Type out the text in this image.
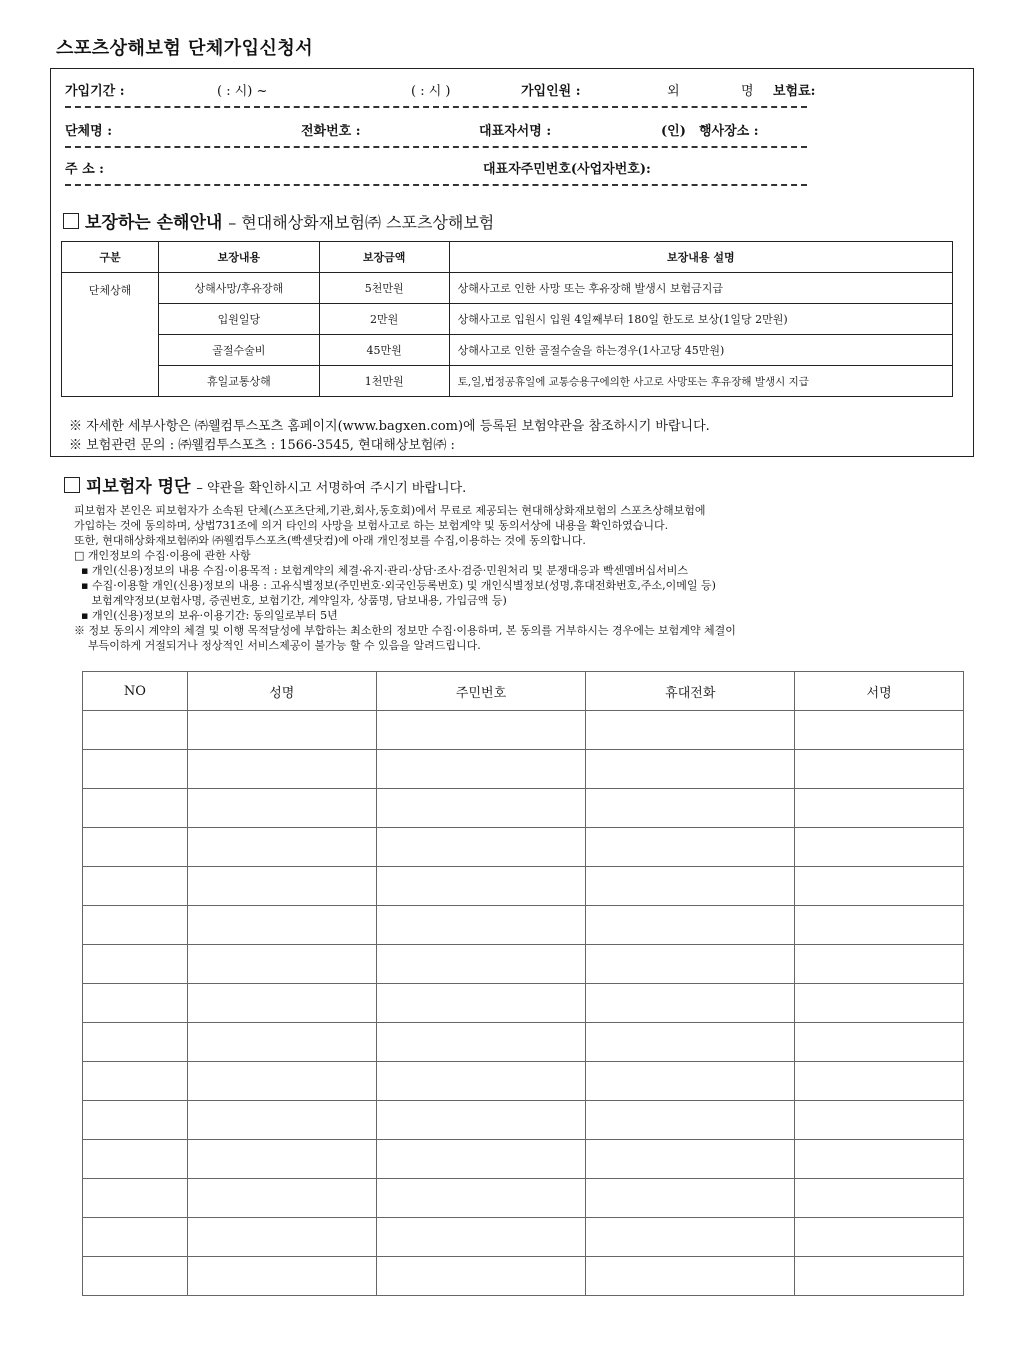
스포츠상해보험 단체가입신청서
가입기간 :	( : 시) ~	( : 시 )	가입인원 :	외	명 보험료:
단체명 :	전화번호 :	대표자서명 :	(인) 행사장소 :
주 소 :	대표자주민번호(사업자번호):
보장하는 손해안내 – 현대해상화재보험㈜ 스포츠상해보험
구분	보장내용	보장금액	보장내용 설명
단체상해	상해사망/후유장해	5천만원	상해사고로 인한 사망 또는 후유장해 발생시 보험금지급
	입원일당	2만원	상해사고로 입원시 입원 4일째부터 180일 한도로 보상(1일당 2만원)
	골절수술비	45만원	상해사고로 인한 골절수술을 하는경우(1사고당 45만원)
	휴일교통상해	1천만원	토,일,법정공휴일에 교통승용구에의한 사고로 사망또는 후유장해 발생시 지급
※ 자세한 세부사항은 ㈜웰컴투스포츠 홈페이지(www.bagxen.com)에 등록된 보험약관을 참조하시기 바랍니다.
※ 보험관련 문의 : ㈜웰컴투스포츠 : 1566-3545, 현대해상보험㈜ :
피보험자 명단 – 약관을 확인하시고 서명하여 주시기 바랍니다.
피보험자 본인은 피보험자가 소속된 단체(스포츠단체,기관,회사,동호회)에서 무료로 제공되는 현대해상화재보험의 스포츠상해보험에
가입하는 것에 동의하며, 상법731조에 의거 타인의 사망을 보험사고로 하는 보험계약 및 동의서상에 내용을 확인하였습니다.
또한, 현대해상화재보험㈜와 ㈜웰컴투스포츠(빡센닷컴)에 아래 개인정보를 수집,이용하는 것에 동의합니다.
□ 개인정보의 수집·이용에 관한 사항
▪ 개인(신용)정보의 내용 수집·이용목적 : 보험계약의 체결·유지·관리·상담·조사·검증·민원처리 및 분쟁대응과 빡센멤버십서비스
▪ 수집·이용할 개인(신용)정보의 내용 : 고유식별정보(주민번호·외국인등록번호) 및 개인식별정보(성명,휴대전화번호,주소,이메일 등)
보험계약정보(보험사명, 증권번호, 보험기간, 계약일자, 상품명, 담보내용, 가입금액 등)
▪ 개인(신용)정보의 보유·이용기간: 동의일로부터 5년
※ 정보 동의시 계약의 체결 및 이행 목적달성에 부합하는 최소한의 정보만 수집·이용하며, 본 동의를 거부하시는 경우에는 보험계약 체결이
부득이하게 거절되거나 정상적인 서비스제공이 불가능 할 수 있음을 알려드립니다.
NO	성명	주민번호	휴대전화	서명
